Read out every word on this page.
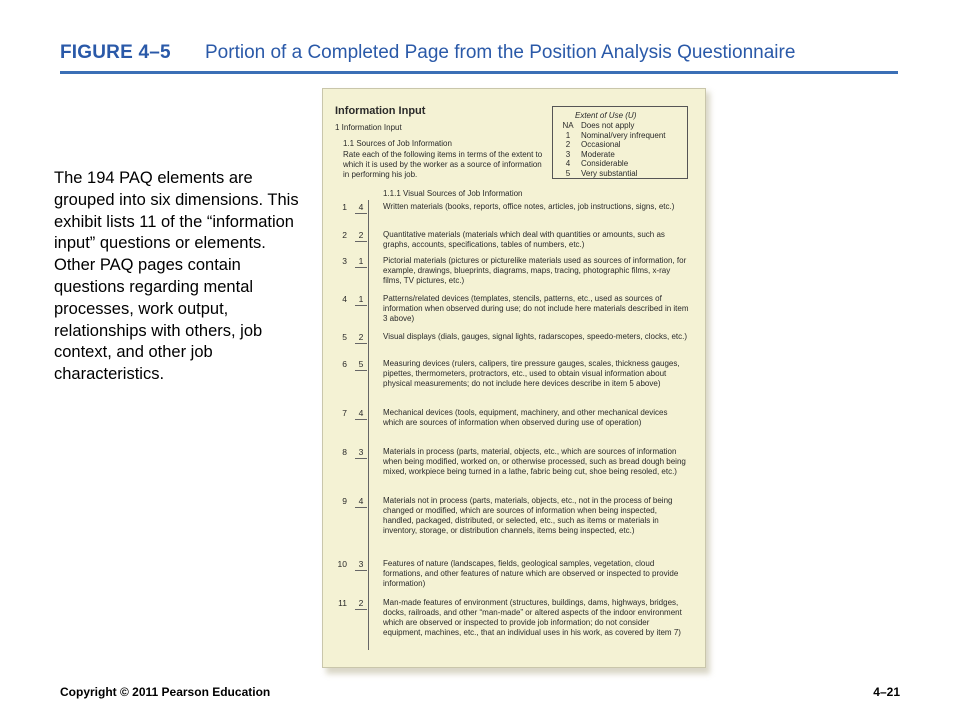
FIGURE 4–5 Portion of a Completed Page from the Position Analysis Questionnaire
The 194 PAQ elements are grouped into six dimensions. This exhibit lists 11 of the “information input” questions or elements. Other PAQ pages contain questions regarding mental processes, work output, relationships with others, job context, and other job characteristics.
Information Input
1 Information Input
1.1 Sources of Job Information
Rate each of the following items in terms of the extent to which it is used by the worker as a source of information in performing his job.
Extent of Use (U)
NA Does not apply
1 Nominal/very infrequent
2 Occasional
3 Moderate
4 Considerable
5 Very substantial
1.1.1 Visual Sources of Job Information
1	4	Written materials (books, reports, office notes, articles, job instructions, signs, etc.)
2	2	Quantitative materials (materials which deal with quantities or amounts, such as graphs, accounts, specifications, tables of numbers, etc.)
3	1	Pictorial materials (pictures or picturelike materials used as sources of information, for example, drawings, blueprints, diagrams, maps, tracing, photographic films, x-ray films, TV pictures, etc.)
4	1	Patterns/related devices (templates, stencils, patterns, etc., used as sources of information when observed during use; do not include here materials described in item 3 above)
5	2	Visual displays (dials, gauges, signal lights, radarscopes, speedo-meters, clocks, etc.)
6	5	Measuring devices (rulers, calipers, tire pressure gauges, scales, thickness gauges, pipettes, thermometers, protractors, etc., used to obtain visual information about physical measurements; do not include here devices describe in item 5 above)
7	4	Mechanical devices (tools, equipment, machinery, and other mechanical devices which are sources of information when observed during use of operation)
8	3	Materials in process (parts, material, objects, etc., which are sources of information when being modified, worked on, or otherwise processed, such as bread dough being mixed, workpiece being turned in a lathe, fabric being cut, shoe being resoled, etc.)
9	4	Materials not in process (parts, materials, objects, etc., not in the process of being changed or modified, which are sources of information when being inspected, handled, packaged, distributed, or selected, etc., such as items or materials in inventory, storage, or distribution channels, items being inspected, etc.)
10	3	Features of nature (landscapes, fields, geological samples, vegetation, cloud formations, and other features of nature which are observed or inspected to provide information)
11	2	Man-made features of environment (structures, buildings, dams, highways, bridges, docks, railroads, and other “man-made” or altered aspects of the indoor environment which are observed or inspected to provide job information; do not consider equipment, machines, etc., that an individual uses in his work, as covered by item 7)
Copyright © 2011 Pearson Education	4–21
